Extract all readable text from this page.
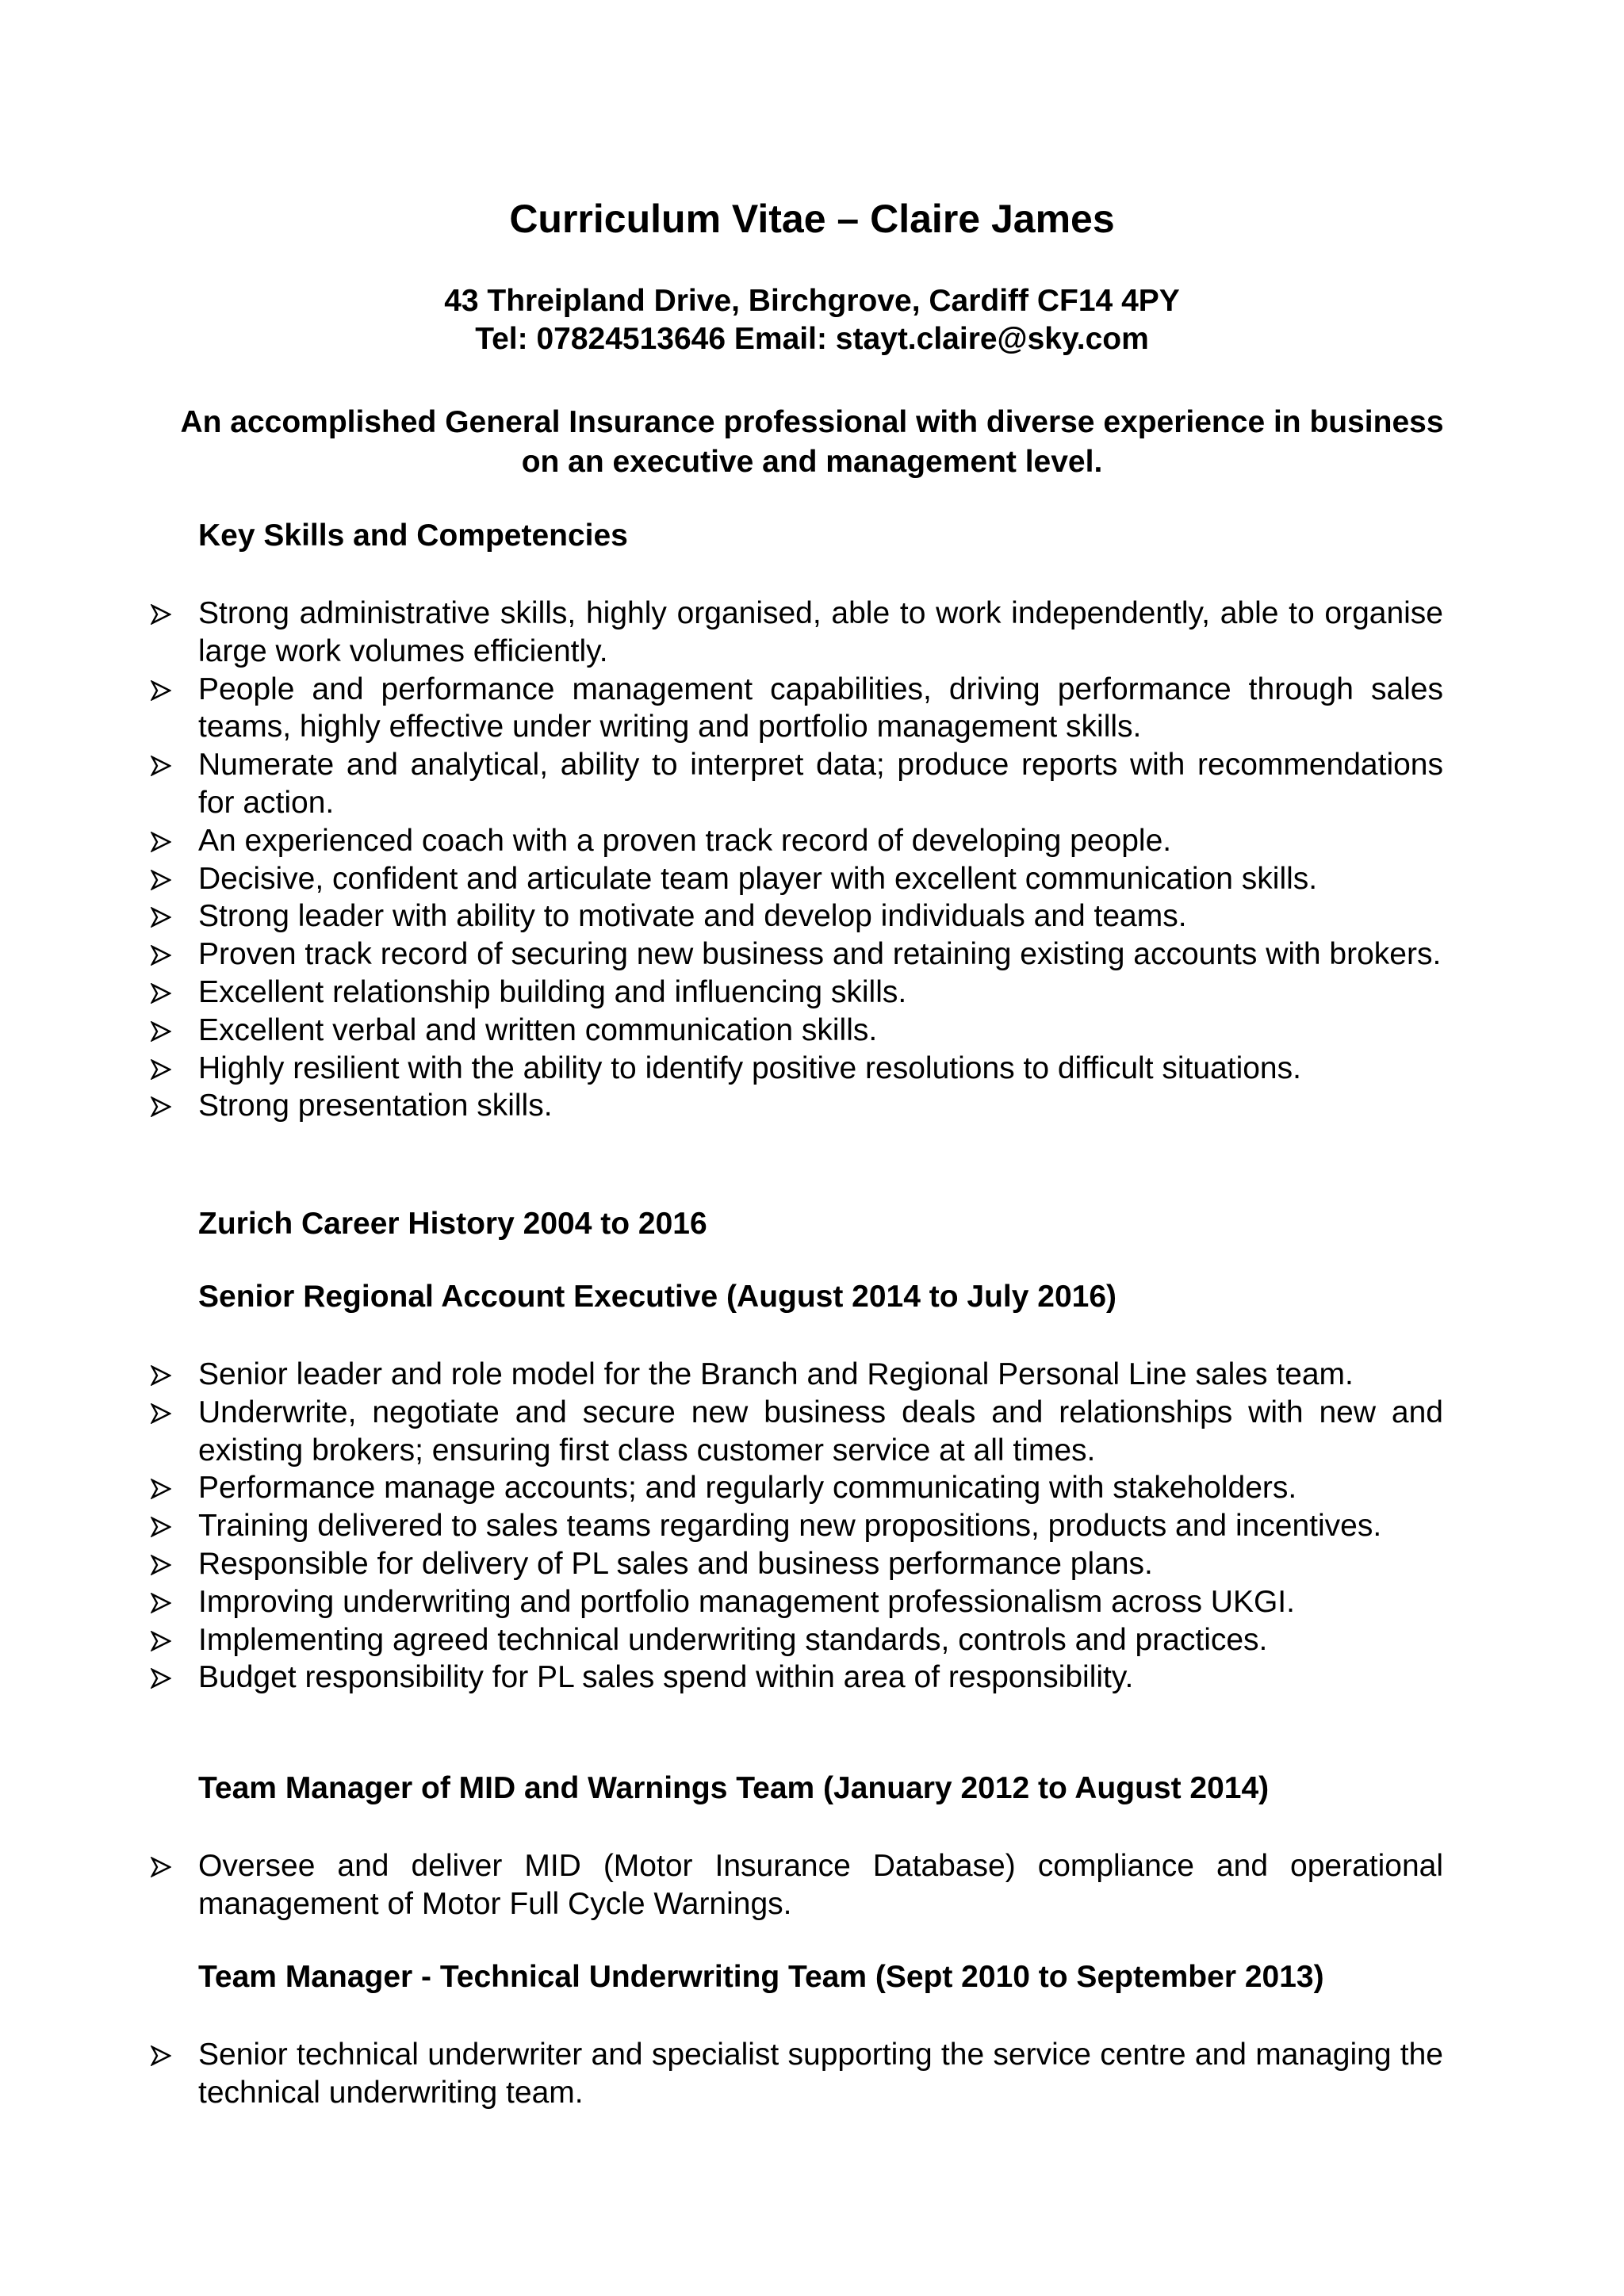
Curriculum Vitae – Claire James
43 Threipland Drive, Birchgrove, Cardiff CF14 4PY
Tel: 07824513646 Email: stayt.claire@sky.com

An accomplished General Insurance professional with diverse experience in business on an executive and management level.

Key Skills and Competencies
Strong administrative skills, highly organised, able to work independently, able to organise large work volumes efficiently.
People and performance management capabilities, driving performance through sales teams, highly effective under writing and portfolio management skills.
Numerate and analytical, ability to interpret data; produce reports with recommendations for action.
An experienced coach with a proven track record of developing people.
Decisive, confident and articulate team player with excellent communication skills.
Strong leader with ability to motivate and develop individuals and teams.
Proven track record of securing new business and retaining existing accounts with brokers.
Excellent relationship building and influencing skills.
Excellent verbal and written communication skills.
Highly resilient with the ability to identify positive resolutions to difficult situations.
Strong presentation skills.
Zurich Career History 2004 to 2016
Senior Regional Account Executive (August 2014 to July 2016)
Senior leader and role model for the Branch and Regional Personal Line sales team.
Underwrite, negotiate and secure new business deals and relationships with new and existing brokers; ensuring first class customer service at all times.
Performance manage accounts; and regularly communicating with stakeholders.
Training delivered to sales teams regarding new propositions, products and incentives.
Responsible for delivery of PL sales and business performance plans.
Improving underwriting and portfolio management professionalism across UKGI.
Implementing agreed technical underwriting standards, controls and practices.
Budget responsibility for PL sales spend within area of responsibility.
Team Manager of MID and Warnings Team (January 2012 to August 2014)
Oversee and deliver MID (Motor Insurance Database) compliance and operational management of Motor Full Cycle Warnings.
Team Manager - Technical Underwriting Team (Sept 2010 to September 2013)
Senior technical underwriter and specialist supporting the service centre and managing the technical underwriting team.
